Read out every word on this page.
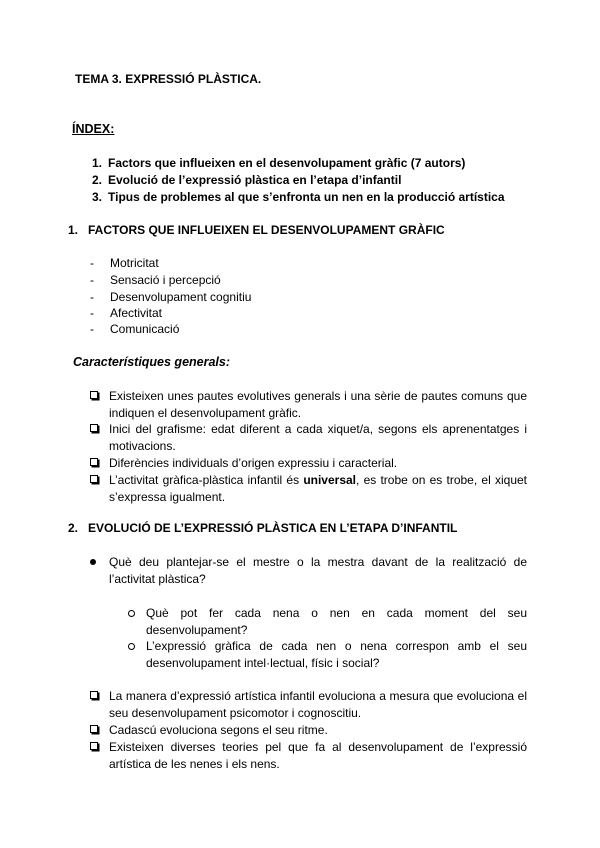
TEMA 3. EXPRESSIÓ PLÀSTICA.
ÍNDEX:
1. Factors que influeixen en el desenvolupament gràfic (7 autors)
2. Evolució de l’expressió plàstica en l’etapa d’infantil
3. Tipus de problemes al que s’enfronta un nen en la producció artística
1. FACTORS QUE INFLUEIXEN EL DESENVOLUPAMENT GRÀFIC
- Motricitat
- Sensació i percepció
- Desenvolupament cognitiu
- Afectivitat
- Comunicació
Característiques generals:
Existeixen unes pautes evolutives generals i una sèrie de pautes comuns que indiquen el desenvolupament gràfic.
Inici del grafisme: edat diferent a cada xiquet/a, segons els aprenentatges i motivacions.
Diferències individuals d’origen expressiu i caracterial.
L’activitat gràfica-plàstica infantil és universal, es trobe on es trobe, el xiquet s’expressa igualment.
2. EVOLUCIÓ DE L’EXPRESSIÓ PLÀSTICA EN L’ETAPA D’INFANTIL
Què deu plantejar-se el mestre o la mestra davant de la realització de l’activitat plàstica?
Què pot fer cada nena o nen en cada moment del seu desenvolupament?
L’expressió gràfica de cada nen o nena correspon amb el seu desenvolupament intel·lectual, físic i social?
La manera d’expressió artística infantil evoluciona a mesura que evoluciona el seu desenvolupament psicomotor i cognoscitiu.
Cadascú evoluciona segons el seu ritme.
Existeixen diverses teories pel que fa al desenvolupament de l’expressió artística de les nenes i els nens.
